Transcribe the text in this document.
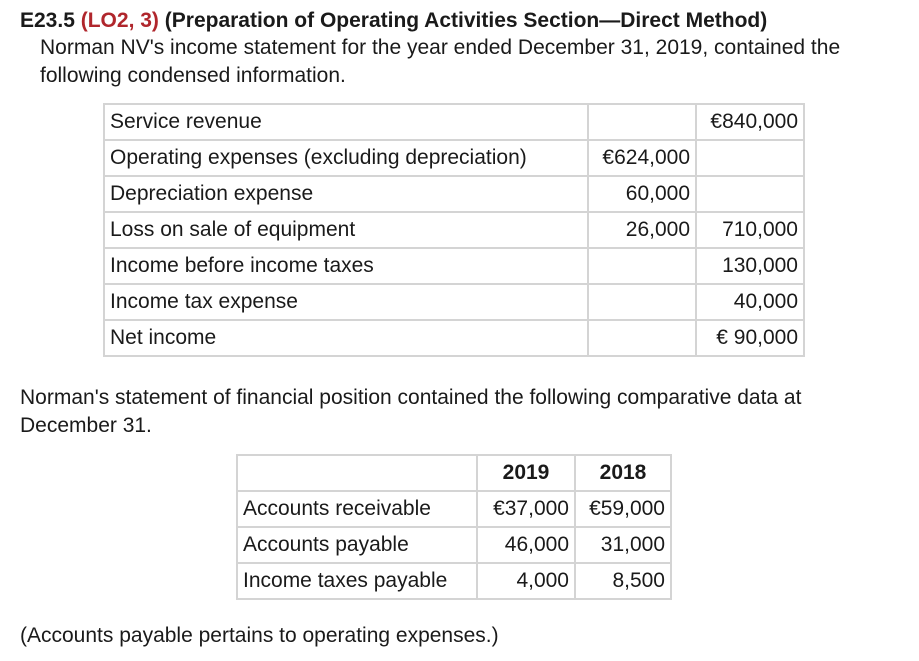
E23.5 (LO2, 3) (Preparation of Operating Activities Section—Direct Method)
Norman NV's income statement for the year ended December 31, 2019, contained the following condensed information.
Service revenue		€840,000
Operating expenses (excluding depreciation)	€624,000	
Depreciation expense	60,000	
Loss on sale of equipment	26,000	710,000
Income before income taxes		130,000
Income tax expense		40,000
Net income		€ 90,000
Norman's statement of financial position contained the following comparative data at December 31.
	2019	2018
Accounts receivable	€37,000	€59,000
Accounts payable	46,000	31,000
Income taxes payable	4,000	8,500
(Accounts payable pertains to operating expenses.)
